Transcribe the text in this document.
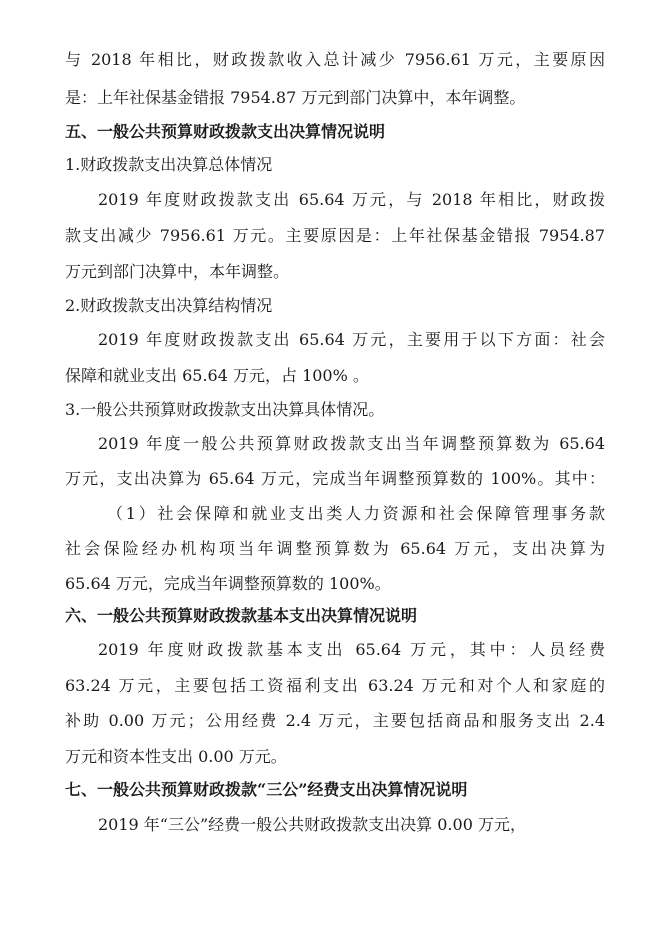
与 2018 年相比，财政拨款收入总计减少 7956.61 万元，主要原因
是：上年社保基金错报 7954.87 万元到部门决算中，本年调整。
五、一般公共预算财政拨款支出决算情况说明
1.财政拨款支出决算总体情况
2019 年度财政拨款支出 65.64 万元，与 2018 年相比，财政拨
款支出减少 7956.61 万元。主要原因是：上年社保基金错报 7954.87
万元到部门决算中，本年调整。
2.财政拨款支出决算结构情况
2019 年度财政拨款支出 65.64 万元，主要用于以下方面：社会
保障和就业支出 65.64 万元，占 100% 。
3.一般公共预算财政拨款支出决算具体情况。
2019 年度一般公共预算财政拨款支出当年调整预算数为 65.64
万元，支出决算为 65.64 万元，完成当年调整预算数的 100%。其中：
（1）社会保障和就业支出类人力资源和社会保障管理事务款
社会保险经办机构项当年调整预算数为 65.64 万元，支出决算为
65.64 万元，完成当年调整预算数的 100%。
六、一般公共预算财政拨款基本支出决算情况说明
2019 年度财政拨款基本支出 65.64 万元，其中：人员经费
63.24 万元，主要包括工资福利支出 63.24 万元和对个人和家庭的
补助 0.00 万元；公用经费 2.4 万元，主要包括商品和服务支出 2.4
万元和资本性支出 0.00 万元。
七、一般公共预算财政拨款“三公”经费支出决算情况说明
2019 年“三公”经费一般公共财政拨款支出决算 0.00 万元，
